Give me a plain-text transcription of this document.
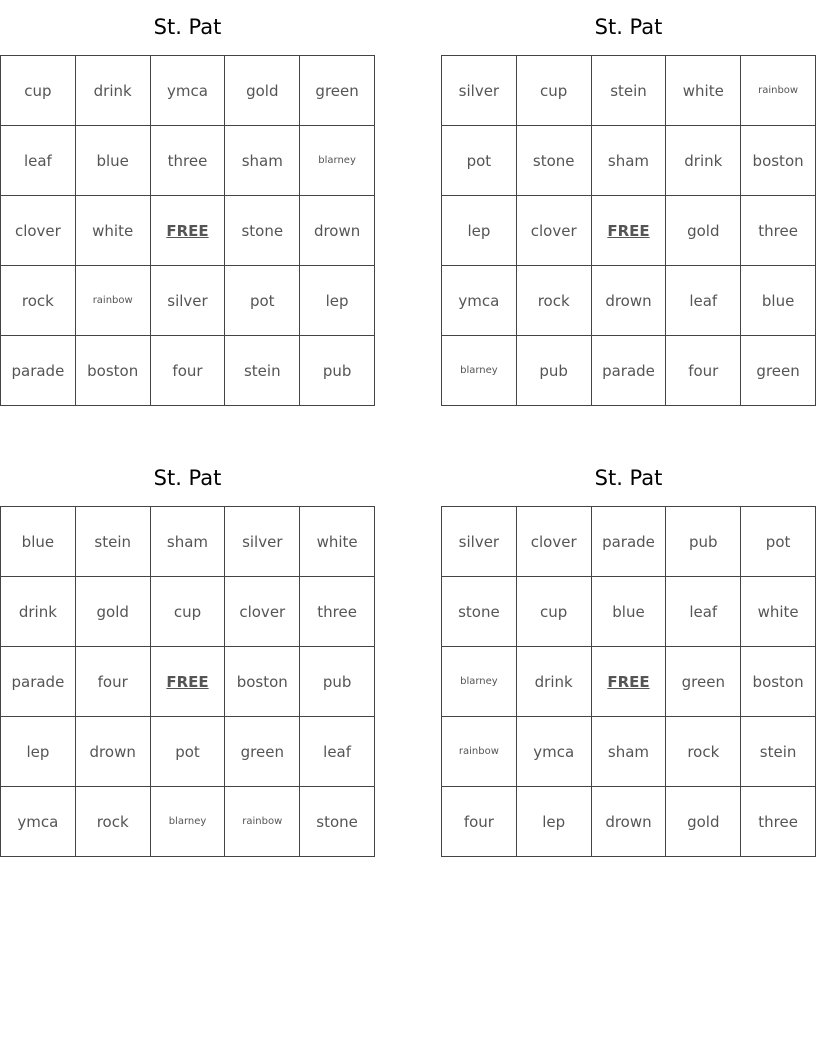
St. Pat
cup	drink	ymca	gold	green
leaf	blue	three	sham	blarney
clover	white	FREE	stone	drown
rock	rainbow	silver	pot	lep
parade	boston	four	stein	pub
St. Pat
silver	cup	stein	white	rainbow
pot	stone	sham	drink	boston
lep	clover	FREE	gold	three
ymca	rock	drown	leaf	blue
blarney	pub	parade	four	green
St. Pat
blue	stein	sham	silver	white
drink	gold	cup	clover	three
parade	four	FREE	boston	pub
lep	drown	pot	green	leaf
ymca	rock	blarney	rainbow	stone
St. Pat
silver	clover	parade	pub	pot
stone	cup	blue	leaf	white
blarney	drink	FREE	green	boston
rainbow	ymca	sham	rock	stein
four	lep	drown	gold	three
